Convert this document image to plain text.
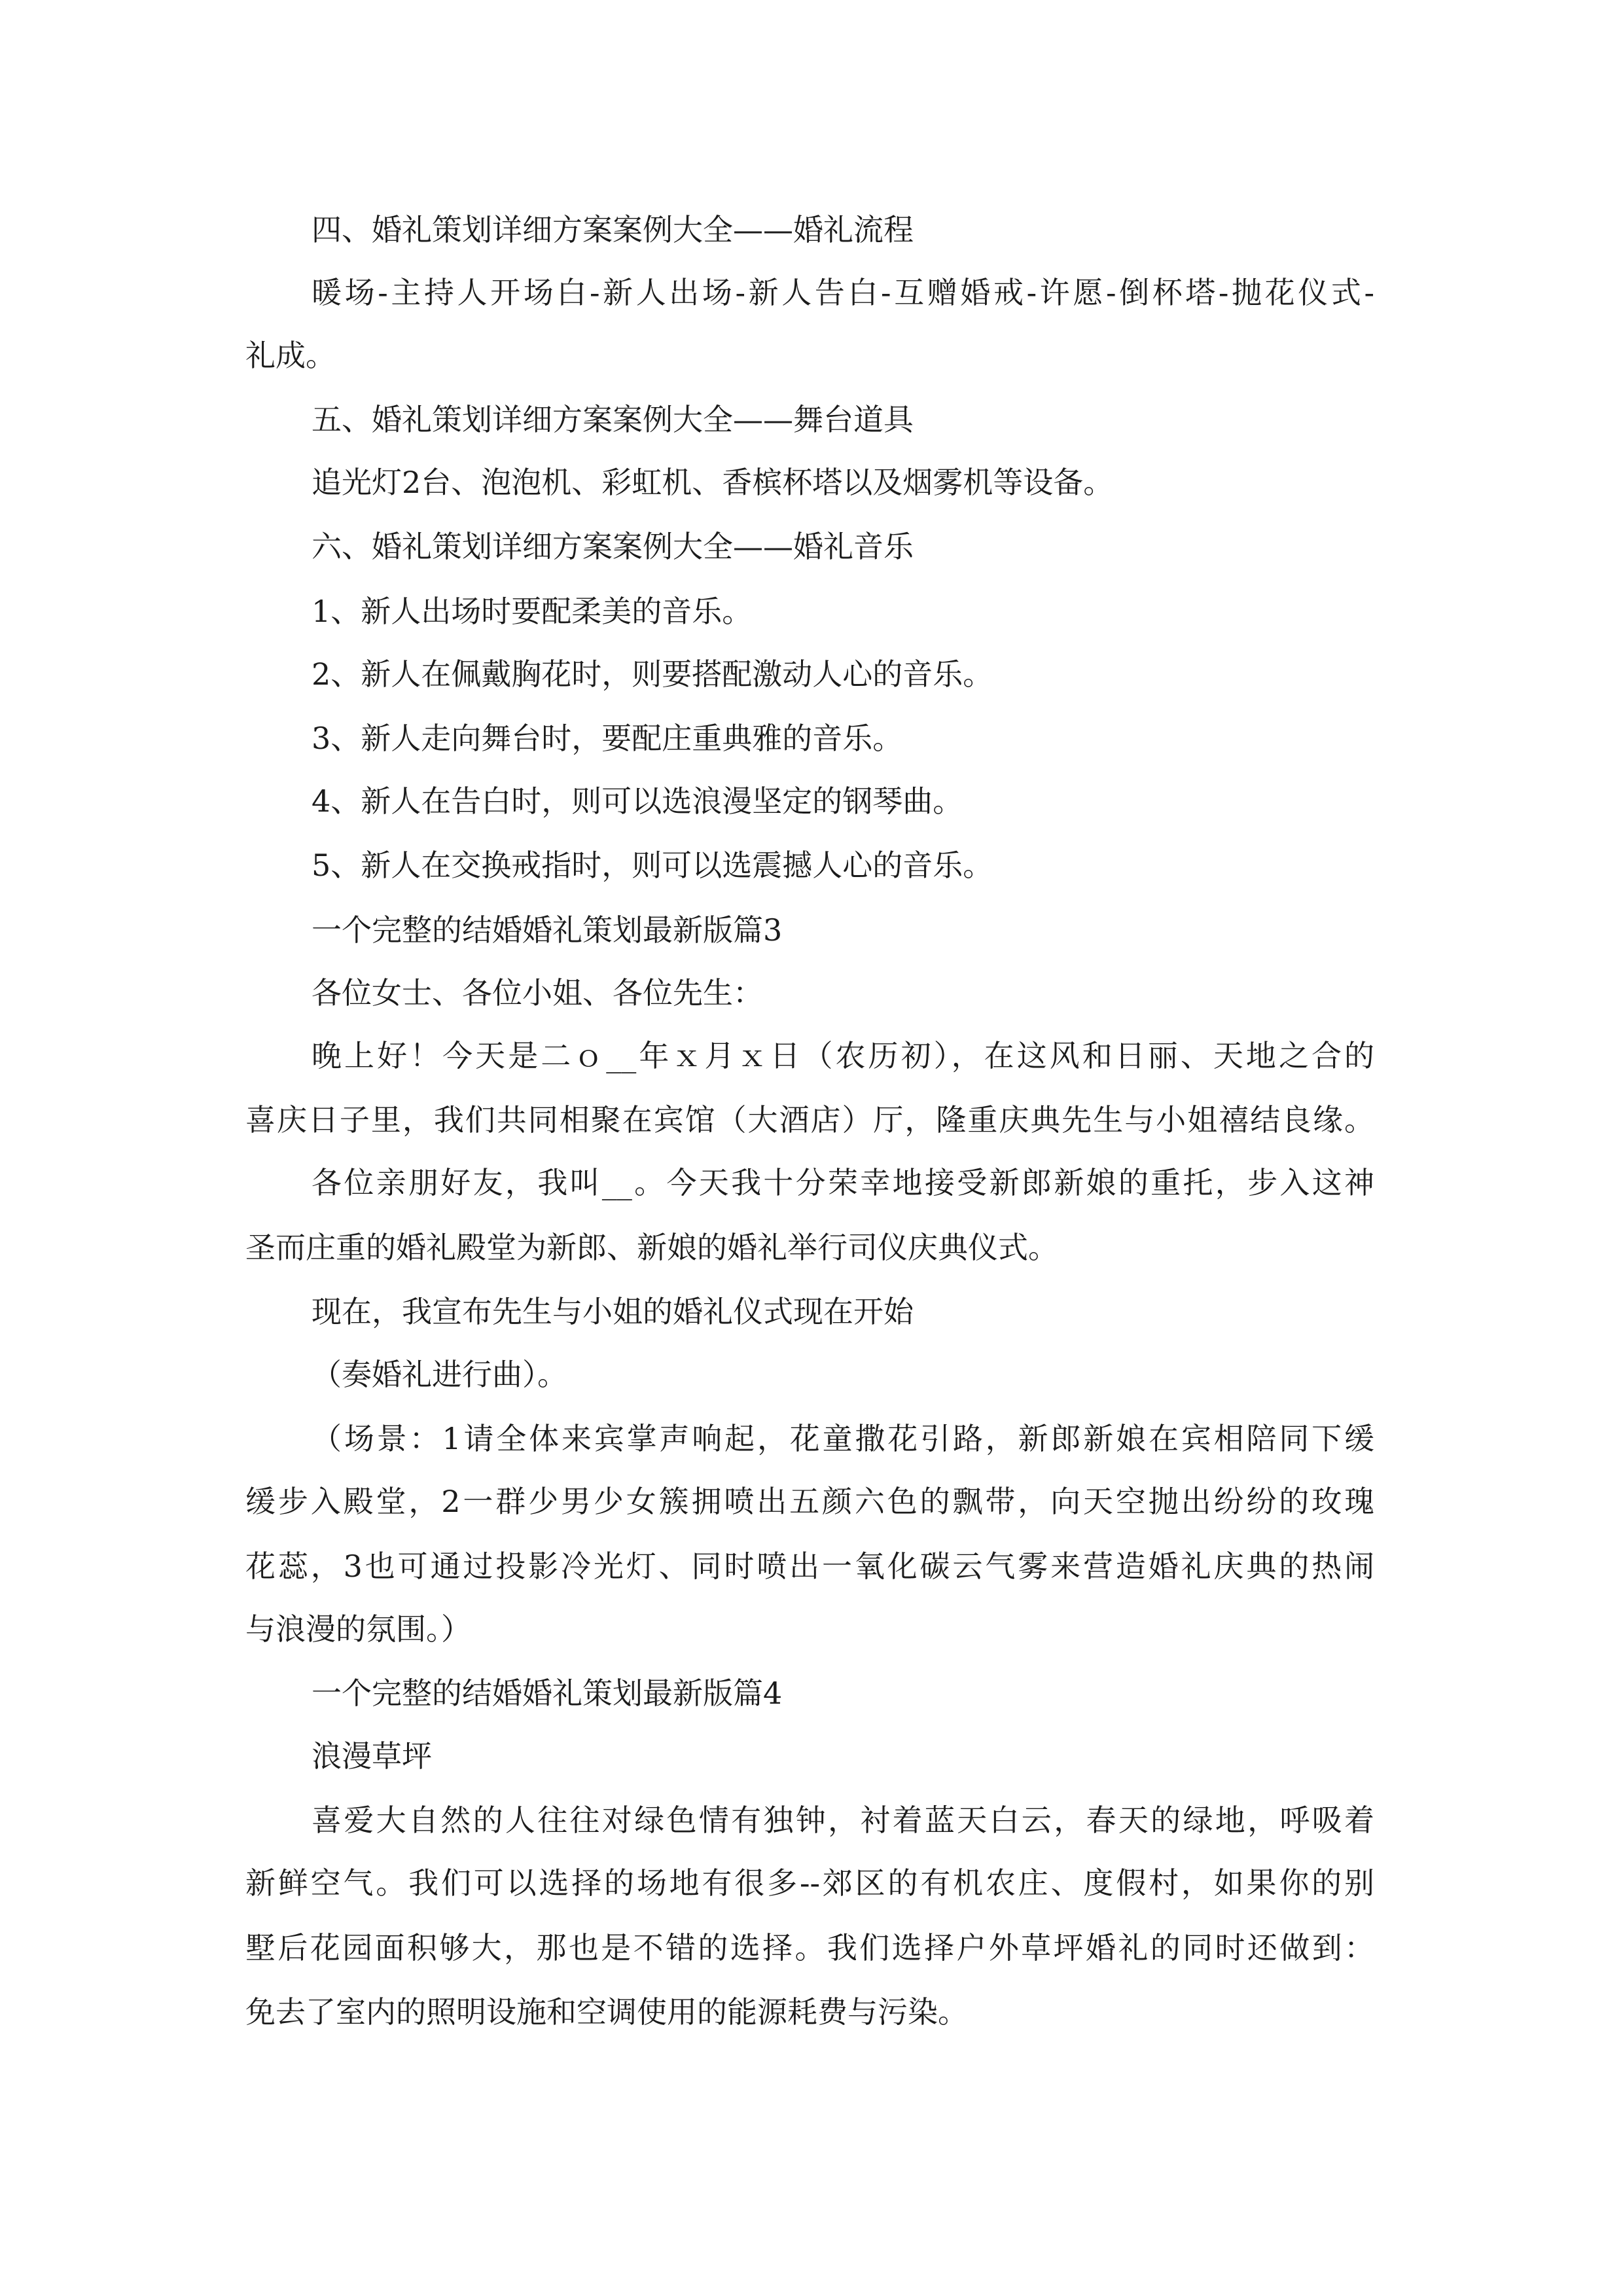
四、婚礼策划详细方案案例大全——婚礼流程
暖场-主持人开场白-新人出场-新人告白-互赠婚戒-许愿-倒杯塔-抛花仪式-
礼成。
五、婚礼策划详细方案案例大全——舞台道具
追光灯2台、泡泡机、彩虹机、香槟杯塔以及烟雾机等设备。
六、婚礼策划详细方案案例大全——婚礼音乐
1、新人出场时要配柔美的音乐。
2、新人在佩戴胸花时，则要搭配激动人心的音乐。
3、新人走向舞台时，要配庄重典雅的音乐。
4、新人在告白时，则可以选浪漫坚定的钢琴曲。
5、新人在交换戒指时，则可以选震撼人心的音乐。
一个完整的结婚婚礼策划最新版篇3
各位女士、各位小姐、各位先生：
晚上好！今天是二ｏ__年ｘ月ｘ日（农历初），在这风和日丽、天地之合的
喜庆日子里，我们共同相聚在宾馆（大酒店）厅，隆重庆典先生与小姐禧结良缘。
各位亲朋好友，我叫__。今天我十分荣幸地接受新郎新娘的重托，步入这神
圣而庄重的婚礼殿堂为新郎、新娘的婚礼举行司仪庆典仪式。
现在，我宣布先生与小姐的婚礼仪式现在开始
（奏婚礼进行曲）。
（场景：1请全体来宾掌声响起，花童撒花引路，新郎新娘在宾相陪同下缓
缓步入殿堂，2一群少男少女簇拥喷出五颜六色的飘带，向天空抛出纷纷的玫瑰
花蕊，3也可通过投影冷光灯、同时喷出一氧化碳云气雾来营造婚礼庆典的热闹
与浪漫的氛围。）
一个完整的结婚婚礼策划最新版篇4
浪漫草坪
喜爱大自然的人往往对绿色情有独钟，衬着蓝天白云，春天的绿地，呼吸着
新鲜空气。我们可以选择的场地有很多--郊区的有机农庄、度假村，如果你的别
墅后花园面积够大，那也是不错的选择。我们选择户外草坪婚礼的同时还做到：
免去了室内的照明设施和空调使用的能源耗费与污染。
